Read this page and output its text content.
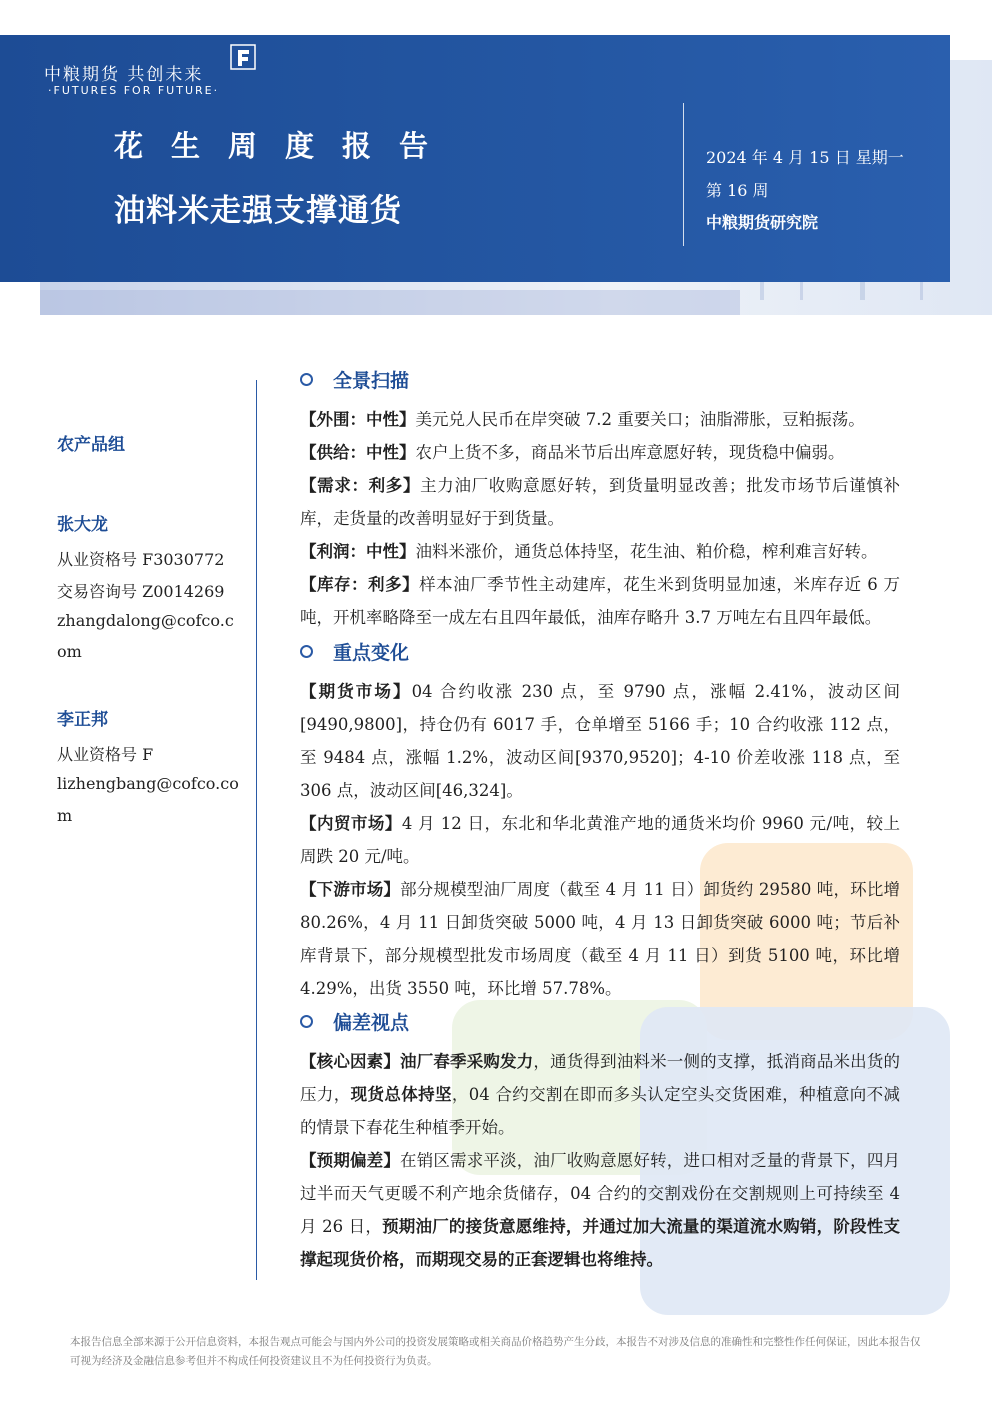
中粮期货 共创未来
·FUTURES FOR FUTURE·
花生周度报告
油料米走强支撑通货
2024 年 4 月 15 日 星期一
第 16 周
中粮期货研究院
农产品组
张大龙
从业资格号 F3030772
交易咨询号 Z0014269
zhangdalong@cofco.c
om
李正邦
从业资格号 F
lizhengbang@cofco.co
m
全景扫描
【外围：中性】美元兑人民币在岸突破 7.2 重要关口；油脂滞胀，豆粕振荡。
【供给：中性】农户上货不多，商品米节后出库意愿好转，现货稳中偏弱。
【需求：利多】主力油厂收购意愿好转，到货量明显改善；批发市场节后谨慎补库，走货量的改善明显好于到货量。
【利润：中性】油料米涨价，通货总体持坚，花生油、粕价稳，榨利难言好转。
【库存：利多】样本油厂季节性主动建库，花生米到货明显加速，米库存近 6 万吨，开机率略降至一成左右且四年最低，油库存略升 3.7 万吨左右且四年最低。
重点变化
【期货市场】04 合约收涨 230 点，至 9790 点，涨幅 2.41%，波动区间[9490,9800]，持仓仍有 6017 手，仓单增至 5166 手；10 合约收涨 112 点，至 9484 点，涨幅 1.2%，波动区间[9370,9520]；4-10 价差收涨 118 点，至 306 点，波动区间[46,324]。
【内贸市场】4 月 12 日，东北和华北黄淮产地的通货米均价 9960 元/吨，较上周跌 20 元/吨。
【下游市场】部分规模型油厂周度（截至 4 月 11 日）卸货约 29580 吨，环比增 80.26%，4 月 11 日卸货突破 5000 吨，4 月 13 日卸货突破 6000 吨；节后补库背景下，部分规模型批发市场周度（截至 4 月 11 日）到货 5100 吨，环比增 4.29%，出货 3550 吨，环比增 57.78%。
偏差视点
【核心因素】油厂春季采购发力，通货得到油料米一侧的支撑，抵消商品米出货的压力，现货总体持坚，04 合约交割在即而多头认定空头交货困难，种植意向不减的情景下春花生种植季开始。
【预期偏差】在销区需求平淡，油厂收购意愿好转，进口相对乏量的背景下，四月过半而天气更暖不利产地余货储存，04 合约的交割戏份在交割规则上可持续至 4 月 26 日，预期油厂的接货意愿维持，并通过加大流量的渠道流水购销，阶段性支撑起现货价格，而期现交易的正套逻辑也将维持。
本报告信息全部来源于公开信息资料，本报告观点可能会与国内外公司的投资发展策略或相关商品价格趋势产生分歧，本报告不对涉及信息的准确性和完整性作任何保证，因此本报告仅可视为经济及金融信息参考但并不构成任何投资建议且不为任何投资行为负责。
